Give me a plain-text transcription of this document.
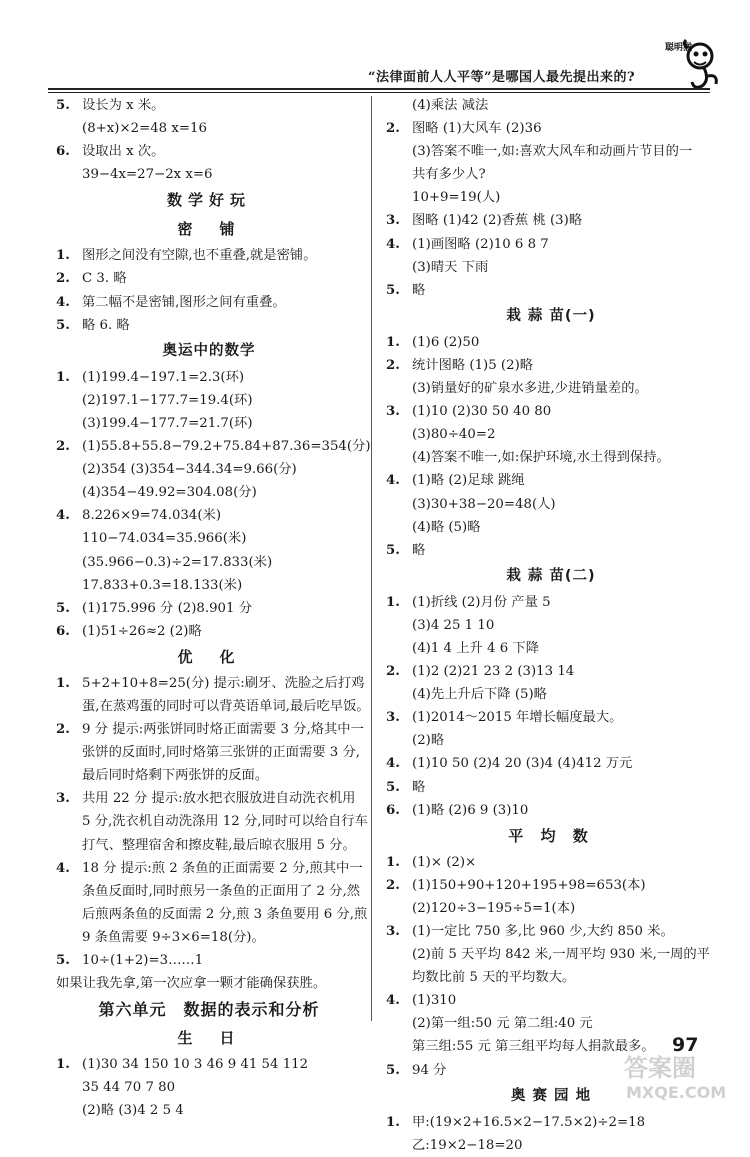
“法律面前人人平等”是哪国人最先提出来的?
聪明猴
5. 设长为 x 米。
(8+x)×2=48 x=16
6. 设取出 x 次。
39−4x=27−2x x=6
数学好玩
密　铺
1. 图形之间没有空隙,也不重叠,就是密铺。
2. C 3. 略
4. 第二幅不是密铺,图形之间有重叠。
5. 略 6. 略
奥运中的数学
1. (1)199.4−197.1=2.3(环)
(2)197.1−177.7=19.4(环)
(3)199.4−177.7=21.7(环)
2. (1)55.8+55.8−79.2+75.84+87.36=354(分)
(2)354 (3)354−344.34=9.66(分)
(4)354−49.92=304.08(分)
4. 8.226×9=74.034(米)
110−74.034=35.966(米)
(35.966−0.3)÷2=17.833(米)
17.833+0.3=18.133(米)
5. (1)175.996 分 (2)8.901 分
6. (1)51÷26≈2 (2)略
优　化
1. 5+2+10+8=25(分) 提示:刷牙、洗脸之后打鸡
蛋,在蒸鸡蛋的同时可以背英语单词,最后吃早饭。
2. 9 分 提示:两张饼同时烙正面需要 3 分,烙其中一
张饼的反面时,同时烙第三张饼的正面需要 3 分,
最后同时烙剩下两张饼的反面。
3. 共用 22 分 提示:放水把衣服放进自动洗衣机用
5 分,洗衣机自动洗涤用 12 分,同时可以给自行车
打气、整理宿舍和擦皮鞋,最后晾衣服用 5 分。
4. 18 分 提示:煎 2 条鱼的正面需要 2 分,煎其中一
条鱼反面时,同时煎另一条鱼的正面用了 2 分,然
后煎两条鱼的反面需 2 分,煎 3 条鱼要用 6 分,煎
9 条鱼需要 9÷3×6=18(分)。
5. 10÷(1+2)=3……1
如果让我先拿,第一次应拿一颗才能确保获胜。
第六单元　数据的表示和分析
生　日
1. (1)30 34 150 10 3 46 9 41 54 112
35 44 70 7 80
(2)略 (3)4 2 5 4
(4)乘法 减法
2. 图略 (1)大风车 (2)36
(3)答案不唯一,如:喜欢大风车和动画片节目的一
共有多少人?
10+9=19(人)
3. 图略 (1)42 (2)香蕉 桃 (3)略
4. (1)画图略 (2)10 6 8 7
(3)晴天 下雨
5. 略
栽 蒜 苗(一)
1. (1)6 (2)50
2. 统计图略 (1)5 (2)略
(3)销量好的矿泉水多进,少进销量差的。
3. (1)10 (2)30 50 40 80
(3)80÷40=2
(4)答案不唯一,如:保护环境,水土得到保持。
4. (1)略 (2)足球 跳绳
(3)30+38−20=48(人)
(4)略 (5)略
5. 略
栽 蒜 苗(二)
1. (1)折线 (2)月份 产量 5
(3)4 25 1 10
(4)1 4 上升 4 6 下降
2. (1)2 (2)21 23 2 (3)13 14
(4)先上升后下降 (5)略
3. (1)2014～2015 年增长幅度最大。
(2)略
4. (1)10 50 (2)4 20 (3)4 (4)412 万元
5. 略
6. (1)略 (2)6 9 (3)10
平 均 数
1. (1)× (2)×
2. (1)150+90+120+195+98=653(本)
(2)120÷3−195÷5=1(本)
3. (1)一定比 750 多,比 960 少,大约 850 米。
(2)前 5 天平均 842 米,一周平均 930 米,一周的平
均数比前 5 天的平均数大。
4. (1)310
(2)第一组:50 元 第二组:40 元
第三组:55 元 第三组平均每人捐款最多。
5. 94 分
奥 赛 园 地
1. 甲:(19×2+16.5×2−17.5×2)÷2=18
乙:19×2−18=20
97
答案圈
MXQE.COM
